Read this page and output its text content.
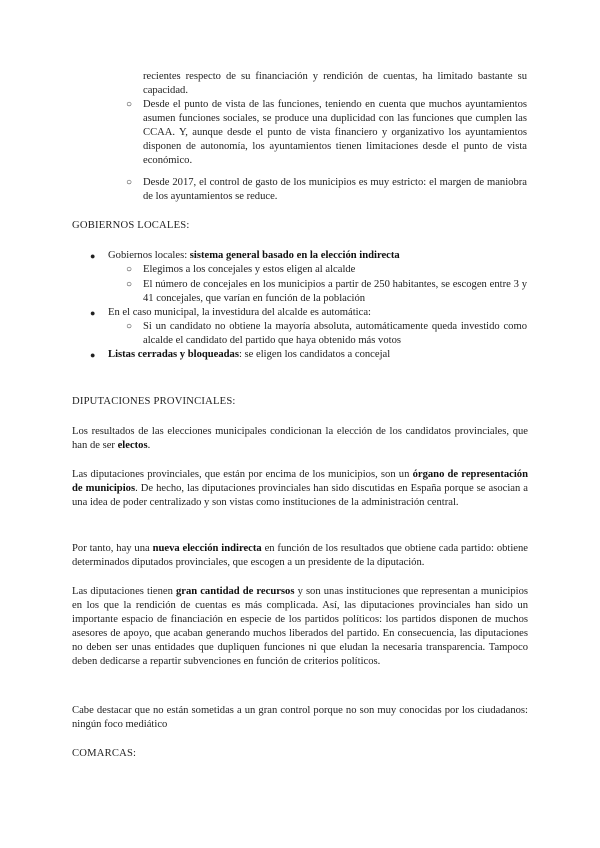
recientes respecto de su financiación y rendición de cuentas, ha limitado bastante su capacidad.
○ Desde el punto de vista de las funciones, teniendo en cuenta que muchos ayuntamientos asumen funciones sociales, se produce una duplicidad con las funciones que cumplen las CCAA. Y, aunque desde el punto de vista financiero y organizativo los ayuntamientos disponen de autonomía, los ayuntamientos tienen limitaciones desde el punto de vista económico.
○ Desde 2017, el control de gasto de los municipios es muy estricto: el margen de maniobra de los ayuntamientos se reduce.
GOBIERNOS LOCALES:
● Gobiernos locales: sistema general basado en la elección indirecta
○ Elegimos a los concejales y estos eligen al alcalde
○ El número de concejales en los municipios a partir de 250 habitantes, se escogen entre 3 y 41 concejales, que varían en función de la población
● En el caso municipal, la investidura del alcalde es automática:
○ Si un candidato no obtiene la mayoría absoluta, automáticamente queda investido como alcalde el candidato del partido que haya obtenido más votos
● Listas cerradas y bloqueadas: se eligen los candidatos a concejal
DIPUTACIONES PROVINCIALES:
Los resultados de las elecciones municipales condicionan la elección de los candidatos provinciales, que han de ser electos.
Las diputaciones provinciales, que están por encima de los municipios, son un órgano de representación de municipios. De hecho, las diputaciones provinciales han sido discutidas en España porque se asocian a una idea de poder centralizado y son vistas como instituciones de la administración central.
Por tanto, hay una nueva elección indirecta en función de los resultados que obtiene cada partido: obtiene determinados diputados provinciales, que escogen a un presidente de la diputación.
Las diputaciones tienen gran cantidad de recursos y son unas instituciones que representan a municipios en los que la rendición de cuentas es más complicada. Así, las diputaciones provinciales han sido un importante espacio de financiación en especie de los partidos políticos: los partidos disponen de muchos asesores de apoyo, que acaban generando muchos liberados del partido. En consecuencia, las diputaciones no deben ser unas entidades que dupliquen funciones ni que eludan la necesaria transparencia. Tampoco deben dedicarse a repartir subvenciones en función de criterios políticos.
Cabe destacar que no están sometidas a un gran control porque no son muy conocidas por los ciudadanos: ningún foco mediático
COMARCAS:
